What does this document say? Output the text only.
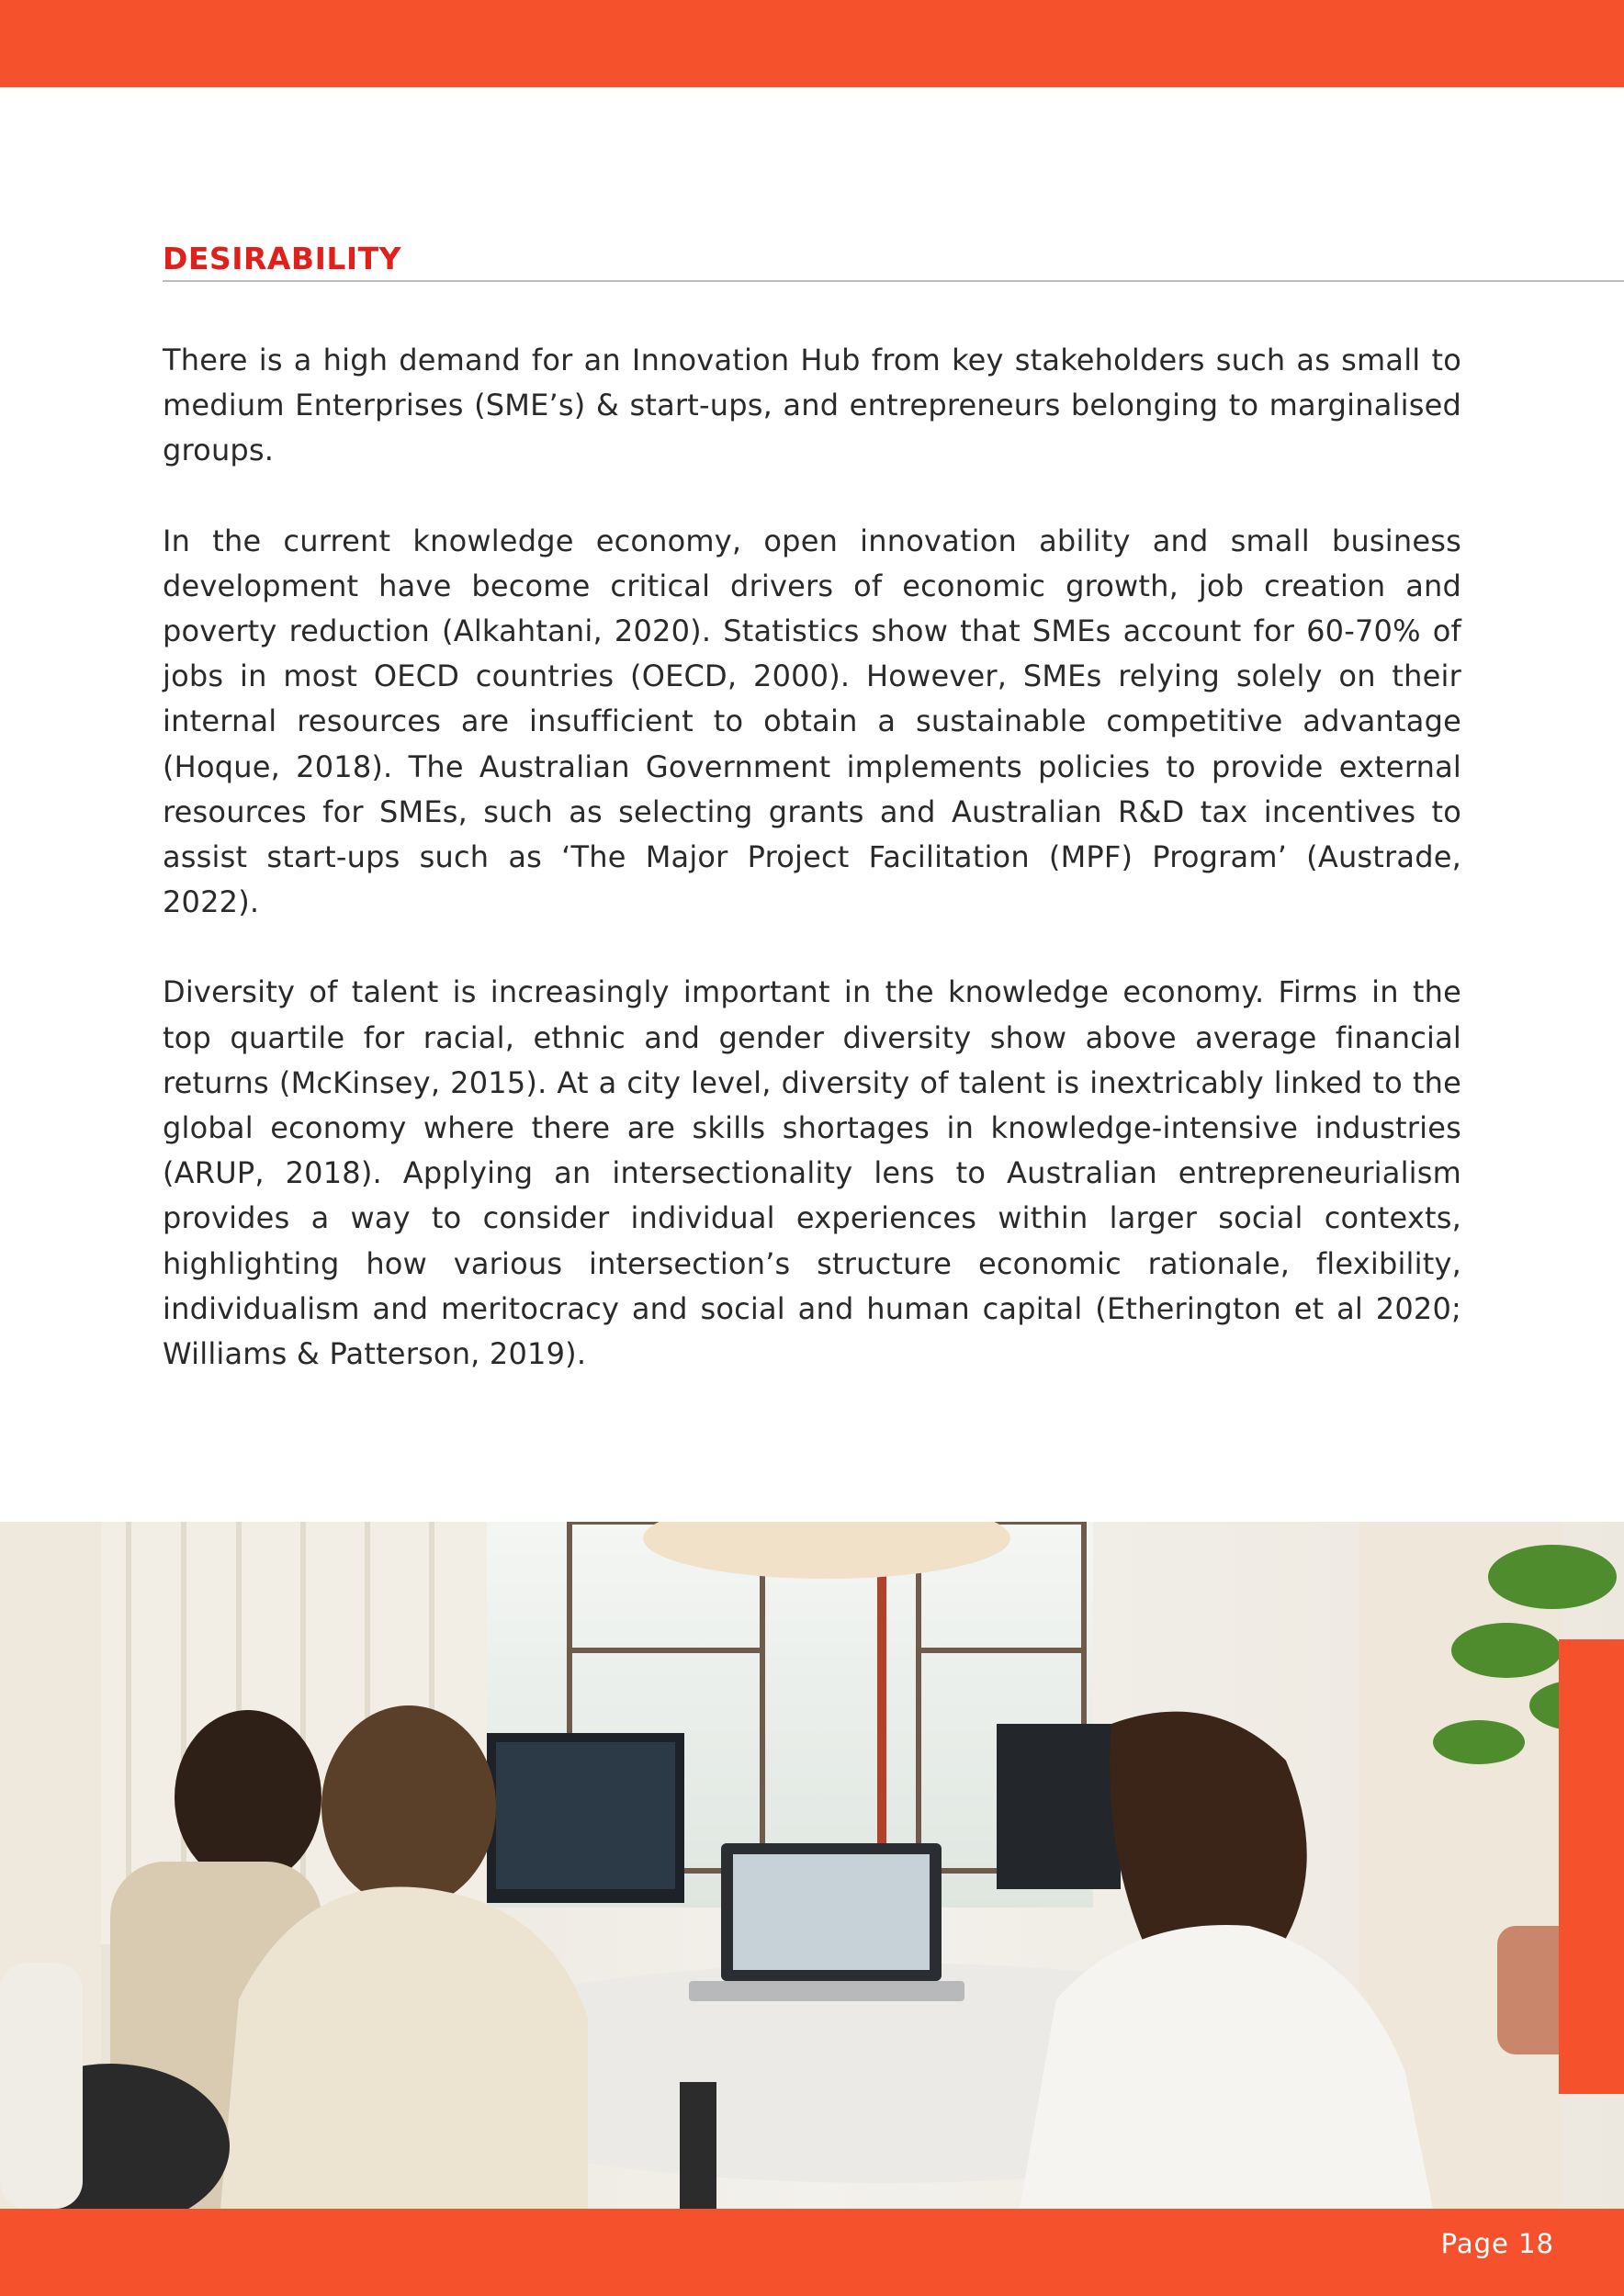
DESIRABILITY

There is a high demand for an Innovation Hub from key stakeholders such as small to medium Enterprises (SME’s) & start-ups, and entrepreneurs belonging to marginalised groups.

In the current knowledge economy, open innovation ability and small business development have become critical drivers of economic growth, job creation and poverty reduction (Alkahtani, 2020). Statistics show that SMEs account for 60-70% of jobs in most OECD countries (OECD, 2000). However, SMEs relying solely on their internal resources are insufficient to obtain a sustainable competitive advantage (Hoque, 2018). The Australian Government implements policies to provide external resources for SMEs, such as selecting grants and Australian R&D tax incentives to assist start-ups such as ‘The Major Project Facilitation (MPF) Program’ (Austrade, 2022).

Diversity of talent is increasingly important in the knowledge economy. Firms in the top quartile for racial, ethnic and gender diversity show above average financial returns (McKinsey, 2015). At a city level, diversity of talent is inextricably linked to the global economy where there are skills shortages in knowledge-intensive industries (ARUP, 2018). Applying an intersectionality lens to Australian entrepreneurialism provides a way to consider individual experiences within larger social contexts, highlighting how various intersection’s structure economic rationale, flexibility, individualism and meritocracy and social and human capital (Etherington et al 2020; Williams & Patterson, 2019).

Page 18
